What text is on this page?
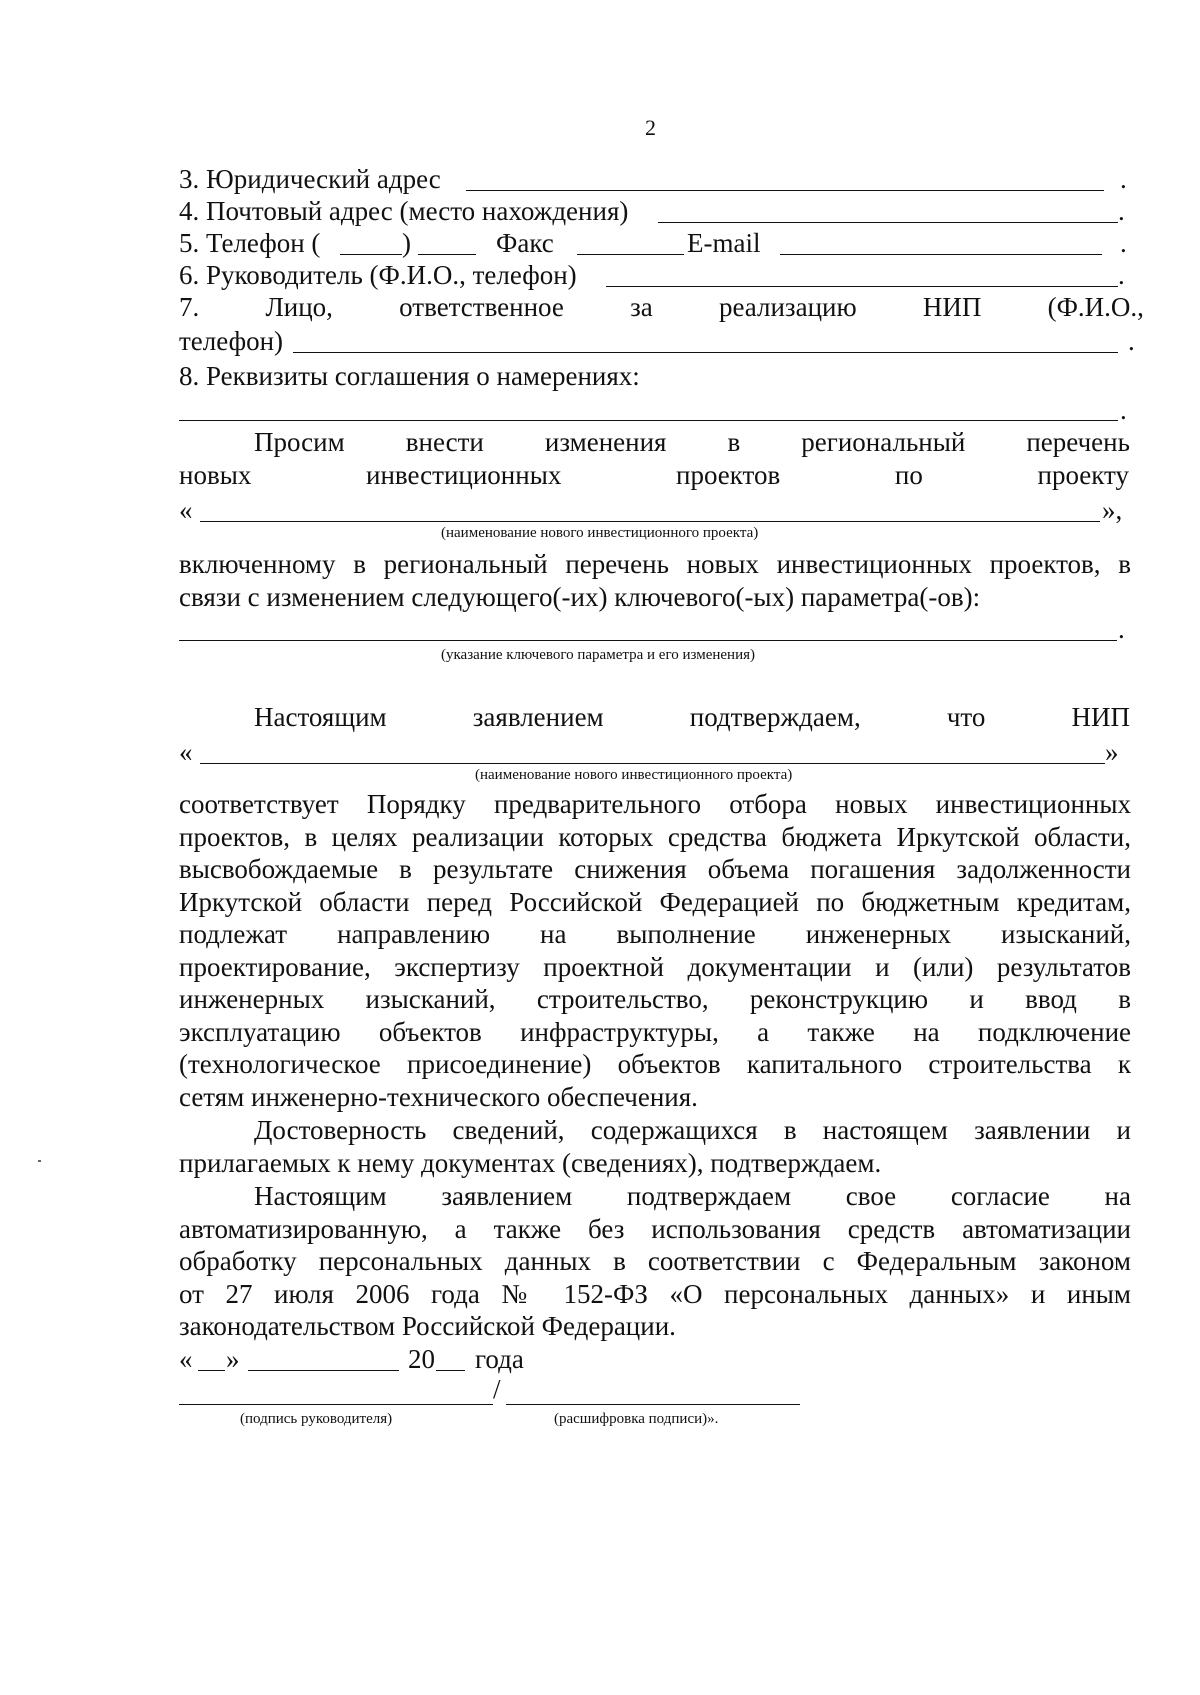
2
3. Юридический адрес	.
4. Почтовый адрес (место нахождения)	.
5. Телефон (	)	Факс	E-mail	.
6. Руководитель (Ф.И.О., телефон)	.
7. Лицо, ответственное за реализацию НИП (Ф.И.О.,
телефон)	.
8. Реквизиты соглашения о намерениях:
.
Просим внести изменения в региональный перечень
новых	инвестиционных	проектов	по	проекту
«	»,
(наименование нового инвестиционного проекта)
включенному в региональный перечень новых инвестиционных проектов, в
связи с изменением следующего(-их) ключевого(-ых) параметра(-ов):
.
(указание ключевого параметра и его изменения)
Настоящим	заявлением	подтверждаем,	что	НИП
«	»
(наименование нового инвестиционного проекта)
соответствует Порядку предварительного отбора новых инвестиционных
проектов, в целях реализации которых средства бюджета Иркутской области,
высвобождаемые в результате снижения объема погашения задолженности
Иркутской области перед Российской Федерацией по бюджетным кредитам,
подлежат направлению на выполнение инженерных изысканий,
проектирование, экспертизу проектной документации и (или) результатов
инженерных изысканий, строительство, реконструкцию и ввод в
эксплуатацию объектов инфраструктуры, а также на подключение
(технологическое присоединение) объектов капитального строительства к
сетям инженерно-технического обеспечения.
Достоверность сведений, содержащихся в настоящем заявлении и
прилагаемых к нему документах (сведениях), подтверждаем.
Настоящим заявлением подтверждаем свое согласие на
автоматизированную, а также без использования средств автоматизации
обработку персональных данных в соответствии с Федеральным законом
от 27 июля 2006 года № 152-ФЗ «О персональных данных» и иным
законодательством Российской Федерации.
« »	20 года
/
(подпись руководителя)	(расшифровка подписи)».
